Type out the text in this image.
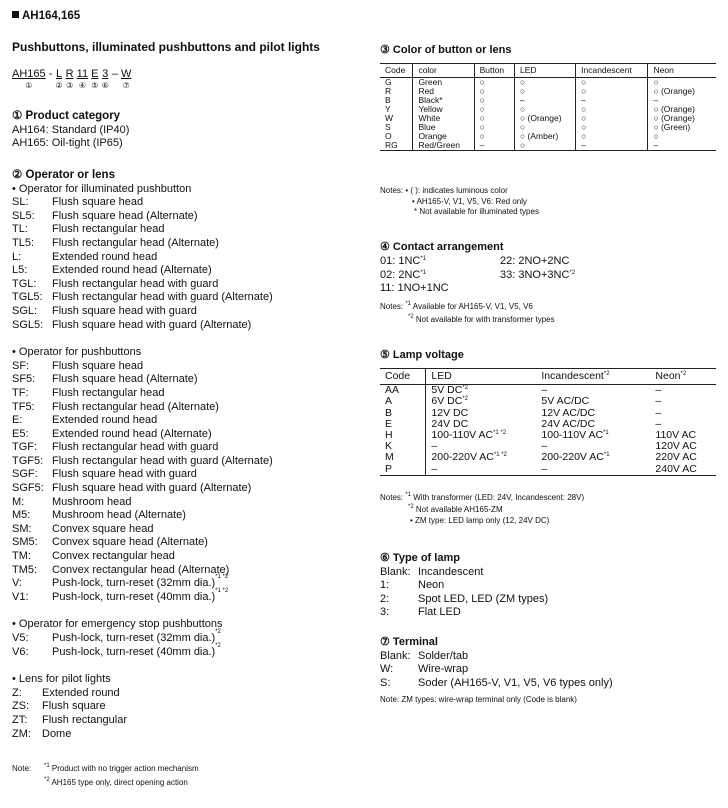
AH164,165
Pushbuttons, illuminated pushbuttons and pilot lights
AH165
①
- L
②

R
③

11
④

E
⑤

3
⑥
– W
⑦
① Product category
AH164: Standard (IP40)
AH165: Oil-tight (IP65)
② Operator or lens
• Operator for illuminated pushbutton
SL:	Flush square head
SL5:	Flush square head (Alternate)
TL:	Flush rectangular head
TL5:	Flush rectangular head (Alternate)
L:	Extended round head
L5:	Extended round head (Alternate)
TGL:	Flush rectangular head with guard
TGL5: Flush rectangular head with guard (Alternate)
SGL:	Flush square head with guard
SGL5: Flush square head with guard (Alternate)
• Operator for pushbuttons
SF:	Flush square head
SF5:	Flush square head (Alternate)
TF:	Flush rectangular head
TF5:	Flush rectangular head (Alternate)
E:	Extended round head
E5:	Extended round head (Alternate)
TGF:	Flush rectangular head with guard
TGF5: Flush rectangular head with guard (Alternate)
SGF:	Flush square head with guard
SGF5: Flush square head with guard (Alternate)
M:	Mushroom head
M5:	Mushroom head (Alternate)
SM:	Convex square head
SM5:	Convex square head (Alternate)
TM:	Convex rectangular head
TM5:	Convex rectangular head (Alternate)
V:	Push-lock, turn-reset (32mm dia.) *1 *2
V1:	Push-lock, turn-reset (40mm dia.) *1 *2
• Operator for emergency stop pushbuttons
V5:	Push-lock, turn-reset (32mm dia.) *2
V6:	Push-lock, turn-reset (40mm dia.) *2
• Lens for pilot lights
Z:	Extended round
ZS:	Flush square
ZT:	Flush rectangular
ZM:	Dome
Note:	$^{*1}$ Product with no trigger action mechanism
$^{*2}$ AH165 type only, direct opening action
③ Color of button or lens
Code	color	Button	LED	Incandescent	Neon
G	Green	○	○	○	○
R	Red	○	○	○	○ (Orange)
B	Black*	○	–	–	–
Y	Yellow	○	○	○	○ (Orange)
W	White	○	○ (Orange)	○	○ (Orange)
S	Blue	○	○	○	○ (Green)
O	Orange	○	○ (Amber)	○	○
RG	Red/Green	–	○	–	–
Notes: • ( ): indicates luminous color
• AH165-V, V1, V5, V6: Red only
* Not available for illuminated types
④ Contact arrangement
01: 1NC$^{*1}$	22: 2NO+2NC
02: 2NC$^{*1}$	33: $3NO+3NC^{*2}$
11: 1NO+1NC
Notes: $^{*1}$ Available for AH165-V, V1, V5, V6
$^{*2}$ Not available for with transformer types
⑤ Lamp voltage
Code	LED	Incandescent$^{*2}$	Neon$^{*2}$
AA	5V DC$^{*2}$	–	–
A	6V DC$^{*2}$	5V AC/DC	–
B	12V DC	12V AC/DC	–
E	24V DC	24V AC/DC	–
H	100-110V $AC^{*1 *2}$	100-110V AC$^{*1}$	110V AC
K	–	–	120V AC
M	200-220V $AC^{*1 *2}$	200-220V AC$^{*1}$	220V AC
P	–	–	240V AC
Notes: $^{*1}$ With transformer (LED: 24V, Incandescent: 28V)
$^{*2}$ Not available AH165-ZM
• ZM type: LED lamp only (12, 24V DC)
⑥ Type of lamp
Blank: Incandescent
1:	Neon
2:	Spot LED, LED (ZM types)
3:	Flat LED
⑦ Terminal
Blank: Solder/tab
W:	Wire-wrap
S:	Soder (AH165-V, V1, V5, V6 types only)
Note: ZM types: wire-wrap terminal only (Code is blank)
